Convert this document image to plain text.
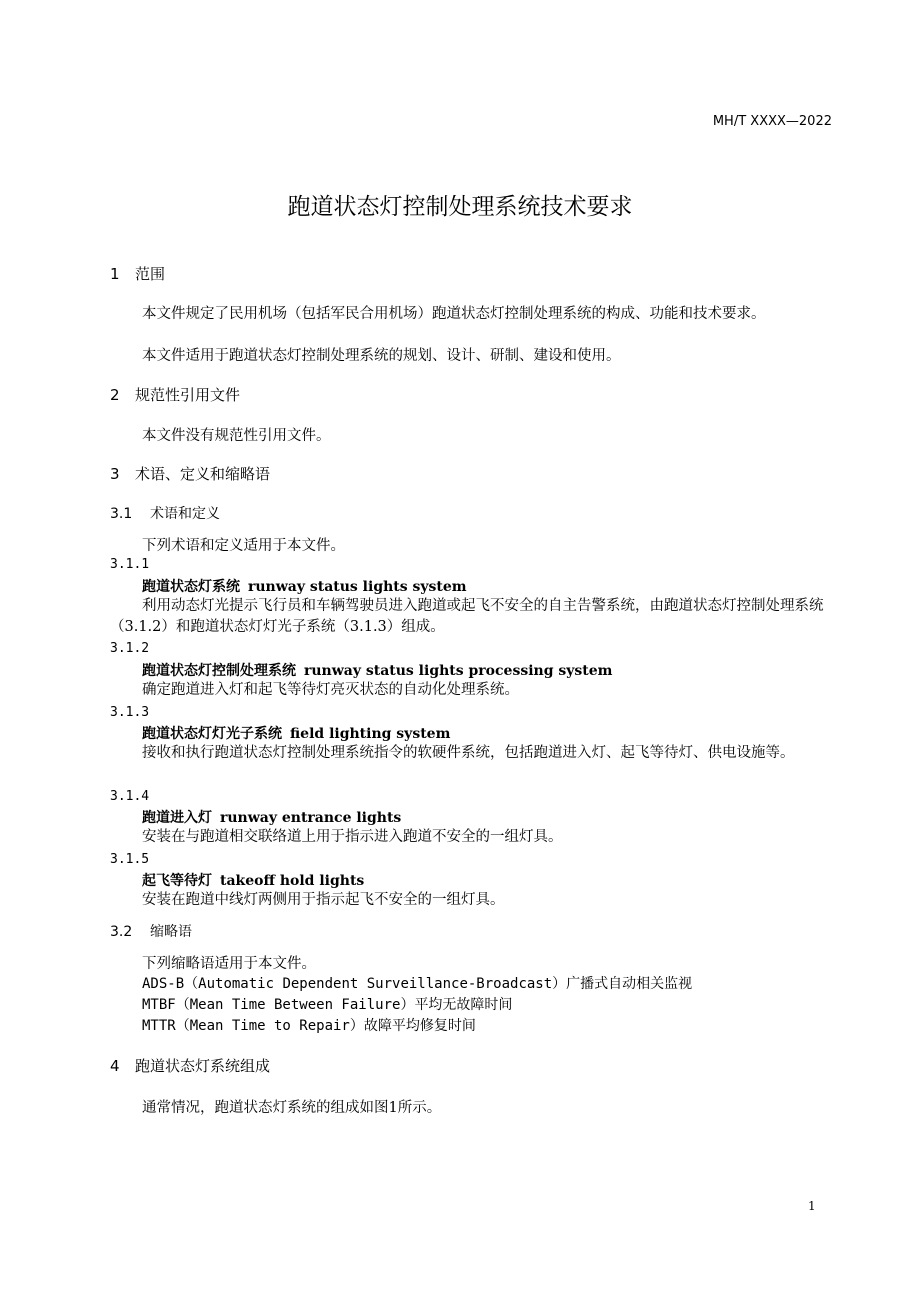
MH/T XXXX—2022
跑道状态灯控制处理系统技术要求
1 范围
本文件规定了民用机场（包括军民合用机场）跑道状态灯控制处理系统的构成、功能和技术要求。
本文件适用于跑道状态灯控制处理系统的规划、设计、研制、建设和使用。
2 规范性引用文件
本文件没有规范性引用文件。
3 术语、定义和缩略语
3.1 术语和定义
下列术语和定义适用于本文件。
3.1.1
跑道状态灯系统 runway status lights system
利用动态灯光提示飞行员和车辆驾驶员进入跑道或起飞不安全的自主告警系统，由跑道状态灯控制处理系统（3.1.2）和跑道状态灯灯光子系统（3.1.3）组成。
3.1.2
跑道状态灯控制处理系统 runway status lights processing system
确定跑道进入灯和起飞等待灯亮灭状态的自动化处理系统。
3.1.3
跑道状态灯灯光子系统 field lighting system
接收和执行跑道状态灯控制处理系统指令的软硬件系统，包括跑道进入灯、起飞等待灯、供电设施等。
3.1.4
跑道进入灯 runway entrance lights
安装在与跑道相交联络道上用于指示进入跑道不安全的一组灯具。
3.1.5
起飞等待灯 takeoff hold lights
安装在跑道中线灯两侧用于指示起飞不安全的一组灯具。
3.2 缩略语
下列缩略语适用于本文件。
ADS-B（Automatic Dependent Surveillance-Broadcast）广播式自动相关监视
MTBF（Mean Time Between Failure）平均无故障时间
MTTR（Mean Time to Repair）故障平均修复时间
4 跑道状态灯系统组成
通常情况，跑道状态灯系统的组成如图1所示。
1
